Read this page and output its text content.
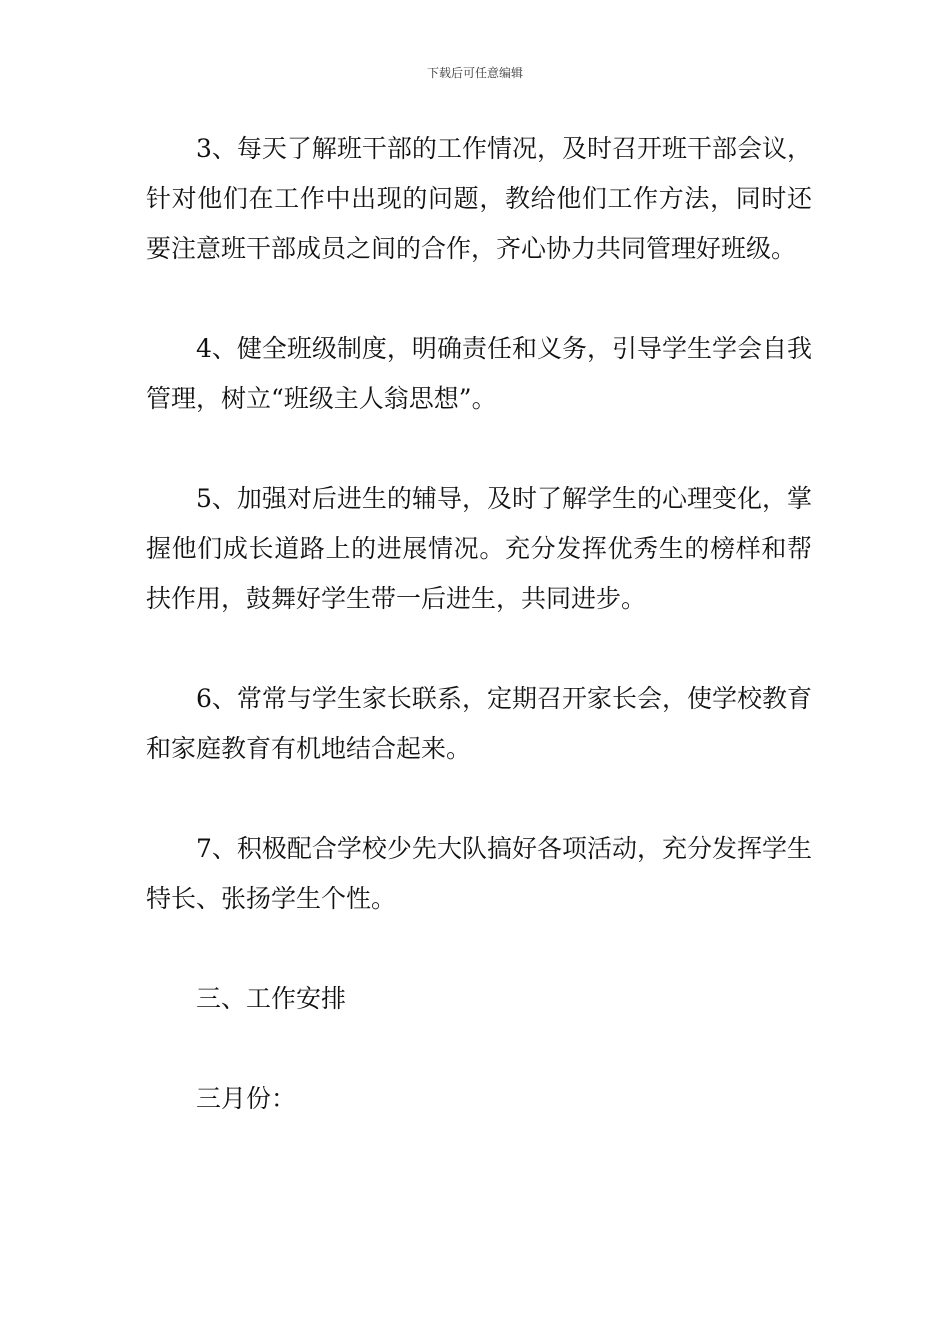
下载后可任意编辑

3、每天了解班干部的工作情况，及时召开班干部会议，针对他们在工作中出现的问题，教给他们工作方法，同时还要注意班干部成员之间的合作，齐心协力共同管理好班级。

4、健全班级制度，明确责任和义务，引导学生学会自我管理，树立“班级主人翁思想”。

5、加强对后进生的辅导，及时了解学生的心理变化，掌握他们成长道路上的进展情况。充分发挥优秀生的榜样和帮扶作用，鼓舞好学生带一后进生，共同进步。

6、常常与学生家长联系，定期召开家长会，使学校教育和家庭教育有机地结合起来。

7、积极配合学校少先大队搞好各项活动，充分发挥学生特长、张扬学生个性。

三、工作安排

三月份：
